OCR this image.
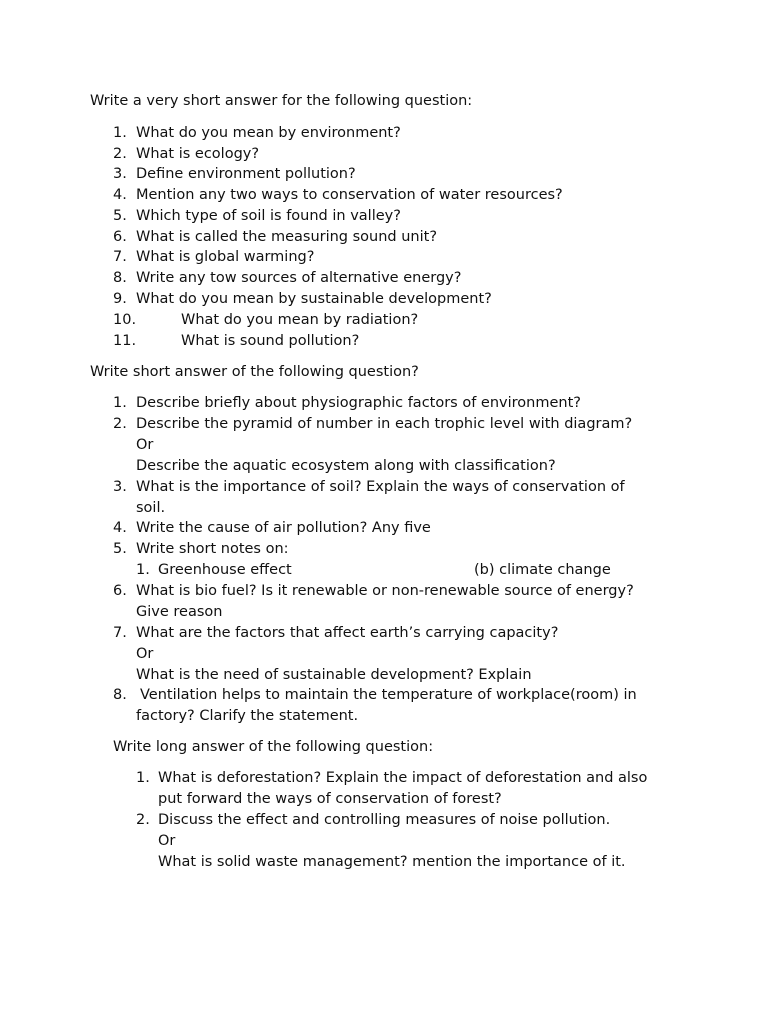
Write a very short answer for the following question:
1. What do you mean by environment?
2. What is ecology?
3. Define environment pollution?
4. Mention any two ways to conservation of water resources?
5. Which type of soil is found in valley?
6. What is called the measuring sound unit?
7. What is global warming?
8. Write any tow sources of alternative energy?
9. What do you mean by sustainable development?
10.	What do you mean by radiation?
11.	What is sound pollution?
Write short answer of the following question?
1. Describe briefly about physiographic factors of environment?
2. Describe the pyramid of number in each trophic level with diagram?
Or
Describe the aquatic ecosystem along with classification?
3. What is the importance of soil? Explain the ways of conservation of
soil.
4. Write the cause of air pollution? Any five
5. Write short notes on:
1. Greenhouse effect	(b) climate change
6. What is bio fuel? Is it renewable or non-renewable source of energy?
Give reason
7. What are the factors that affect earth’s carrying capacity?
Or
What is the need of sustainable development? Explain
8. Ventilation helps to maintain the temperature of workplace(room) in
factory? Clarify the statement.
Write long answer of the following question:
1. What is deforestation? Explain the impact of deforestation and also
put forward the ways of conservation of forest?
2. Discuss the effect and controlling measures of noise pollution.
Or
What is solid waste management? mention the importance of it.
